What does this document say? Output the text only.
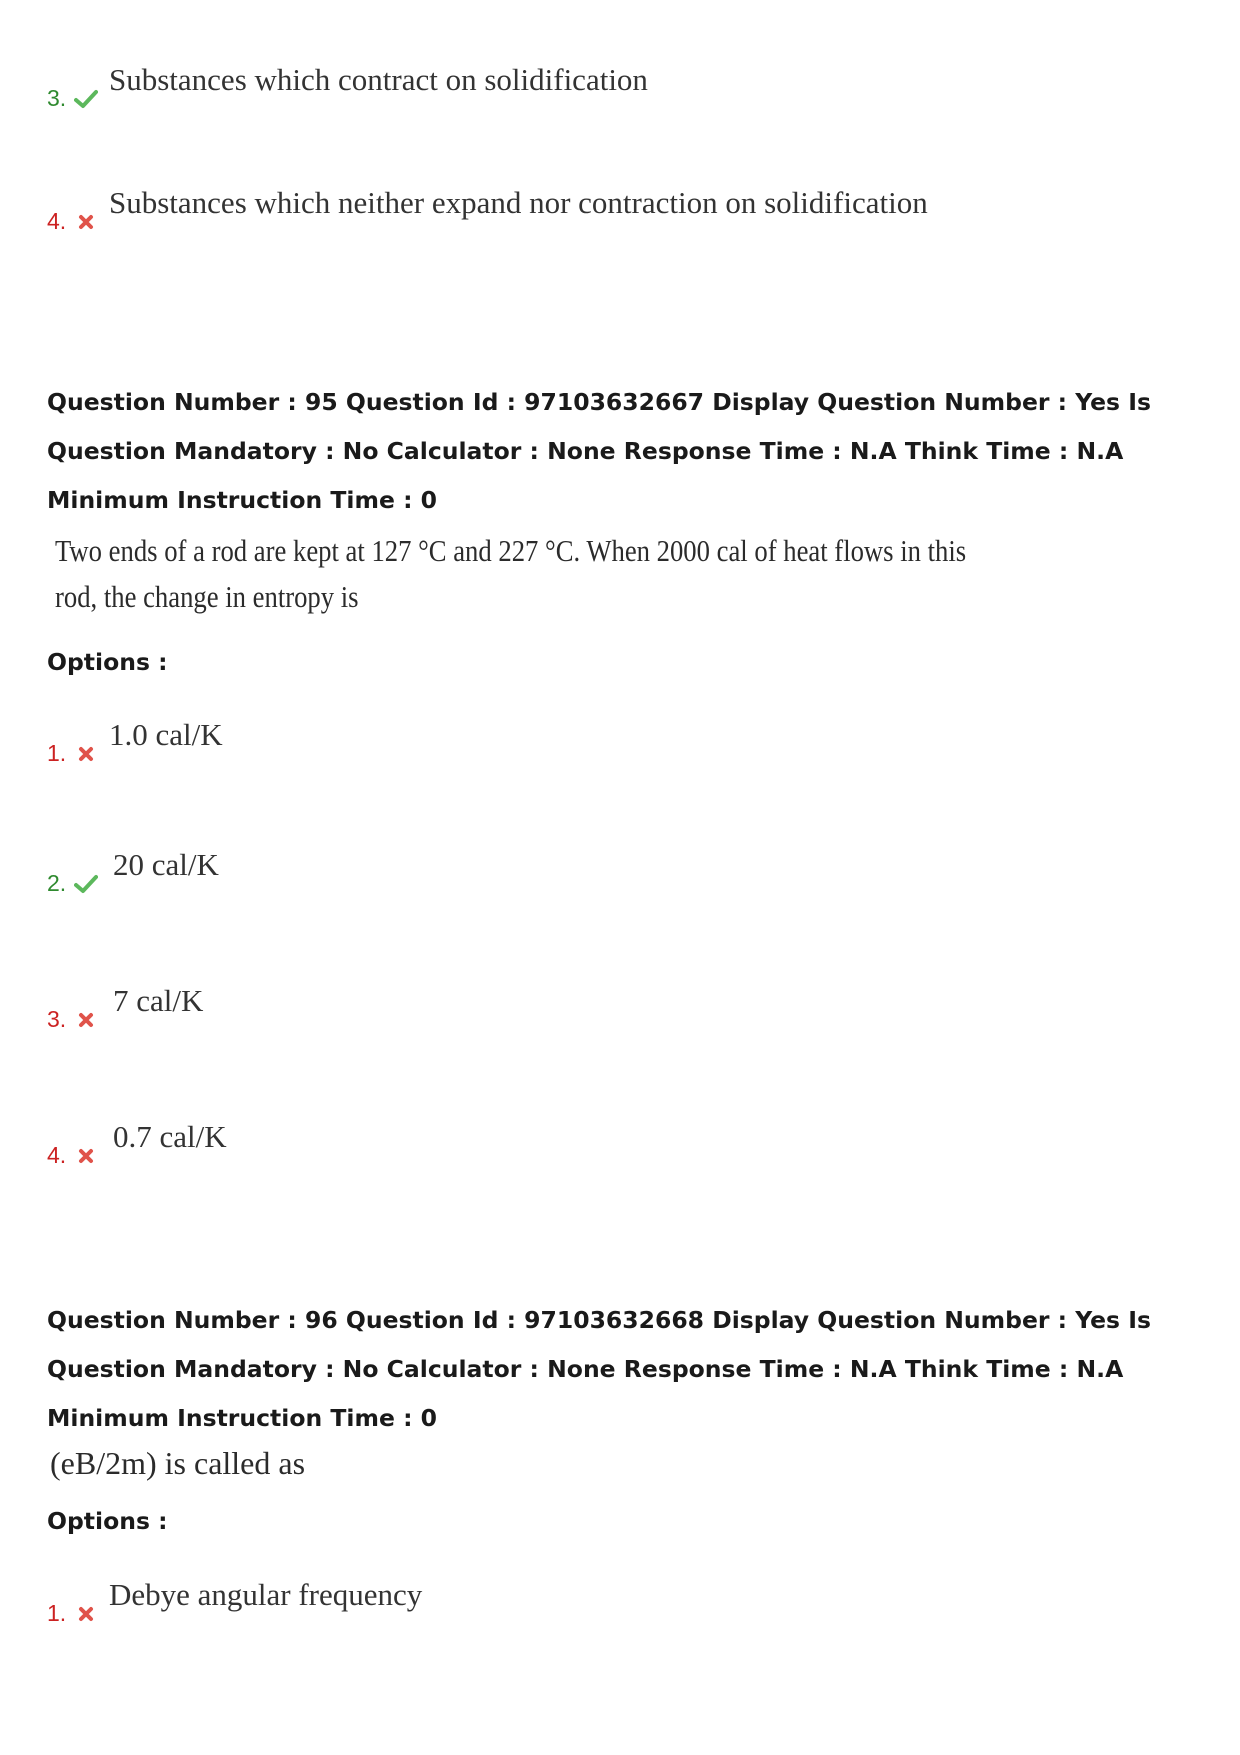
3.
Substances which contract on solidification
4.
Substances which neither expand nor contraction on solidification

Question Number : 95 Question Id : 97103632667 Display Question Number : Yes Is Question Mandatory : No Calculator : None Response Time : N.A Think Time : N.A Minimum Instruction Time : 0

Two ends of a rod are kept at 127 °C and 227 °C. When 2000 cal of heat flows in this
rod, the change in entropy is
Options :
1.
1.0 cal/K
2.
20 cal/K
3.
7 cal/K
4.
0.7 cal/K

Question Number : 96 Question Id : 97103632668 Display Question Number : Yes Is Question Mandatory : No Calculator : None Response Time : N.A Think Time : N.A Minimum Instruction Time : 0

(eB/2m) is called as
Options :
1.
Debye angular frequency
